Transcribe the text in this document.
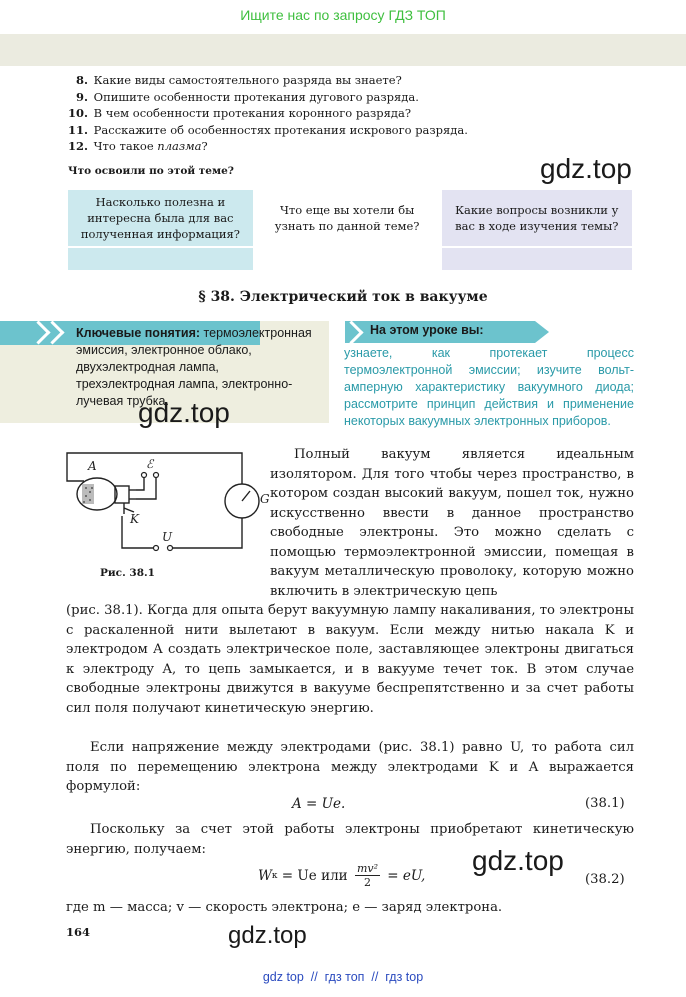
Ищите нас по запросу ГДЗ ТОП
8. Какие виды самостоятельного разряда вы знаете?
9. Опишите особенности протекания дугового разряда.
10. В чем особенности протекания коронного разряда?
11. Расскажите об особенностях протекания искрового разряда.
12. Что такое плазма?
gdz.top
Что освоили по этой теме?
Насколько полезна и интересна была для вас полученная информация?	Что еще вы хотели бы узнать по данной теме?	Какие вопросы возникли у вас в ходе изучения темы?

§ 38. Электрический ток в вакууме
Ключевые понятия: термоэлектронная эмиссия, электронное облако, двухэлектродная лампа, трехэлектродная лампа, электронно-лучевая трубка.
gdz.top
На этом уроке вы:
узнаете, как протекает процесс термоэлектронной эмиссии; изучите вольт-амперную характеристику вакуумного диода; рассмотрите принцип действия и применение некоторых вакуумных электронных приборов.
A	ℰ
K
G
U
Рис. 38.1

Полный вакуум является идеальным изолятором. Для того чтобы через пространство, в котором создан высокий вакуум, пошел ток, нужно искусственно ввести в данное пространство свободные электроны. Это можно сделать с помощью термоэлектронной эмиссии, помещая в вакуум металлическую проволоку, которую можно включить в электрическую цепь

(рис. 38.1). Когда для опыта берут вакуумную лампу накаливания, то электроны с раскаленной нити вылетают в вакуум. Если между нитью накала K и электродом A создать электрическое поле, заставляющее электроны двигаться к электроду A, то цепь замыкается, и в вакууме течет ток. В этом случае свободные электроны движутся в вакууме беспрепятственно и за счет работы сил поля получают кинетическую энергию.

Если напряжение между электродами (рис. 38.1) равно U, то работа сил поля по перемещению электрона между электродами K и A выражается формулой:

A = Ue.	(38.1)

Поскольку за счет этой работы электроны приобретают кинетическую энергию, получаем:	gdz.top
W к = Ue или $\frac{\text{mv²}}{2}$ = eU,	(38.2)

где m — масса; v — скорость электрона; e — заряд электрона.

164	gdz.top
gdz top  //  гдз топ  //  гдз top
